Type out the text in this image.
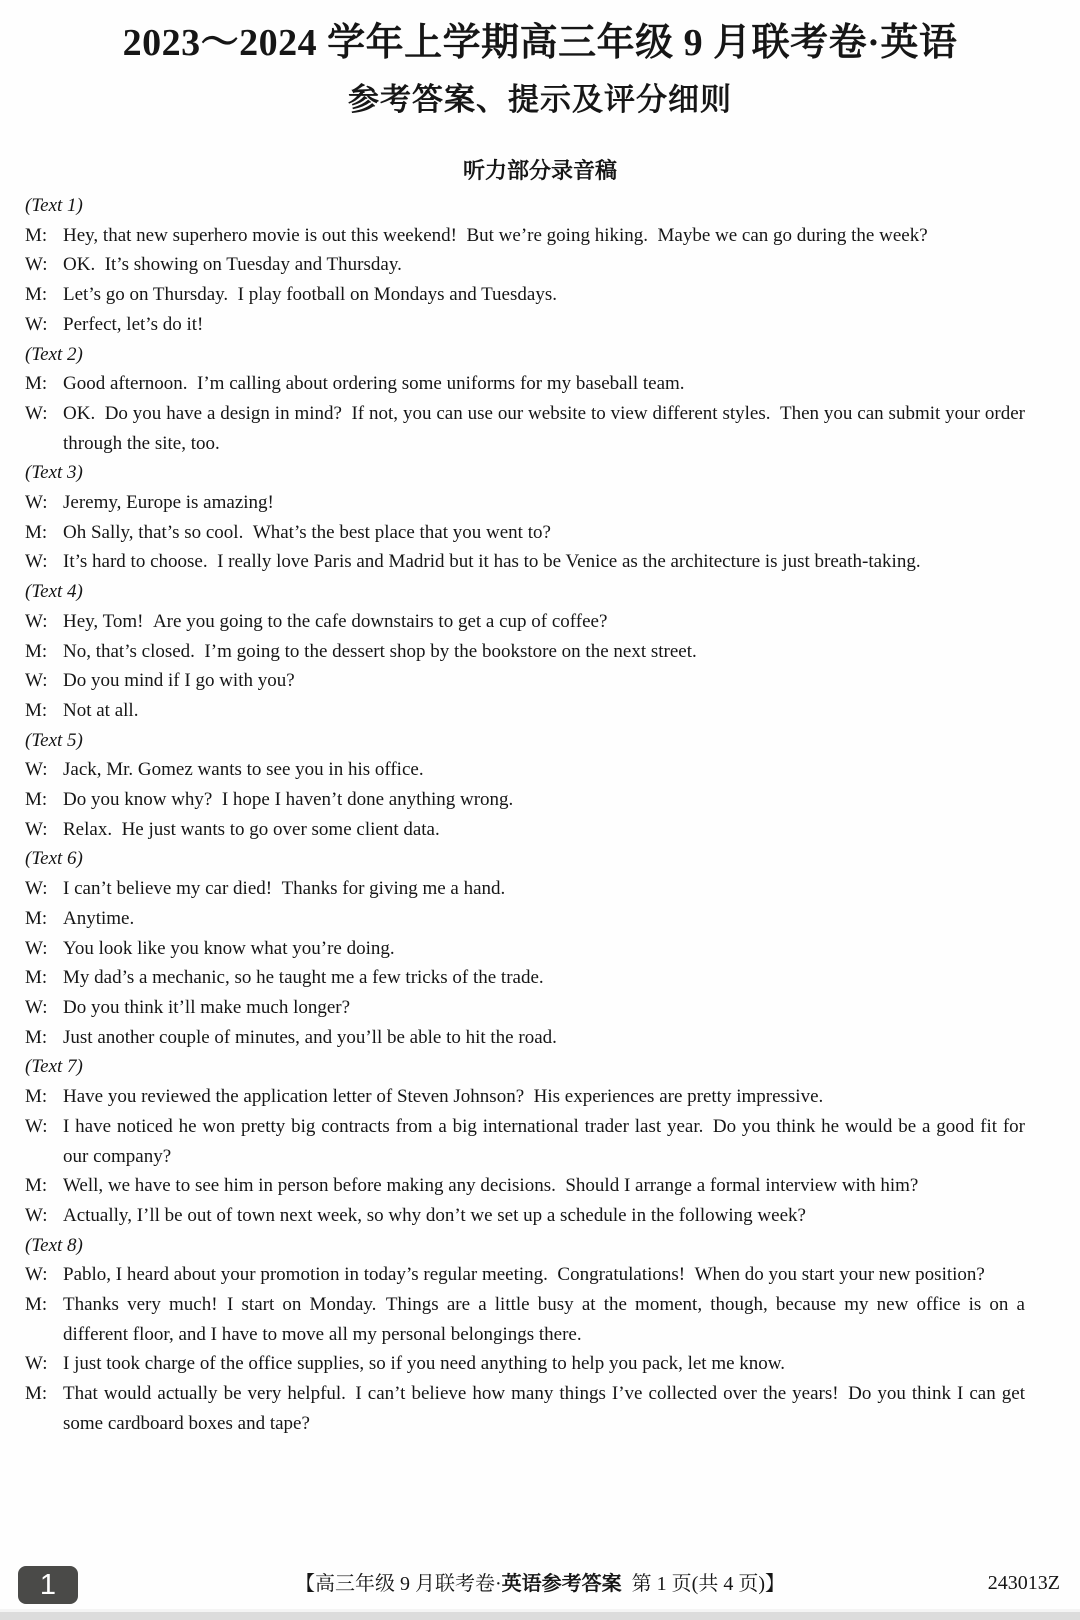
2023～2024 学年上学期高三年级 9 月联考卷·英语
参考答案、提示及评分细则
听力部分录音稿
(Text 1)
M: Hey, that new superhero movie is out this weekend! But we’re going hiking. Maybe we can go during the week?
W: OK. It’s showing on Tuesday and Thursday.
M: Let’s go on Thursday. I play football on Mondays and Tuesdays.
W: Perfect, let’s do it!
(Text 2)
M: Good afternoon. I’m calling about ordering some uniforms for my baseball team.
W: OK. Do you have a design in mind? If not, you can use our website to view different styles. Then you can submit your order through the site, too.
(Text 3)
W: Jeremy, Europe is amazing!
M: Oh Sally, that’s so cool. What’s the best place that you went to?
W: It’s hard to choose. I really love Paris and Madrid but it has to be Venice as the architecture is just breath-taking.
(Text 4)
W: Hey, Tom! Are you going to the cafe downstairs to get a cup of coffee?
M: No, that’s closed. I’m going to the dessert shop by the bookstore on the next street.
W: Do you mind if I go with you?
M: Not at all.
(Text 5)
W: Jack, Mr. Gomez wants to see you in his office.
M: Do you know why? I hope I haven’t done anything wrong.
W: Relax. He just wants to go over some client data.
(Text 6)
W: I can’t believe my car died! Thanks for giving me a hand.
M: Anytime.
W: You look like you know what you’re doing.
M: My dad’s a mechanic, so he taught me a few tricks of the trade.
W: Do you think it’ll make much longer?
M: Just another couple of minutes, and you’ll be able to hit the road.
(Text 7)
M: Have you reviewed the application letter of Steven Johnson? His experiences are pretty impressive.
W: I have noticed he won pretty big contracts from a big international trader last year. Do you think he would be a good fit for our company?
M: Well, we have to see him in person before making any decisions. Should I arrange a formal interview with him?
W: Actually, I’ll be out of town next week, so why don’t we set up a schedule in the following week?
(Text 8)
W: Pablo, I heard about your promotion in today’s regular meeting. Congratulations! When do you start your new position?
M: Thanks very much! I start on Monday. Things are a little busy at the moment, though, because my new office is on a different floor, and I have to move all my personal belongings there.
W: I just took charge of the office supplies, so if you need anything to help you pack, let me know.
M: That would actually be very helpful. I can’t believe how many things I’ve collected over the years! Do you think I can get some cardboard boxes and tape?
1	【高三年级 9 月联考卷·英语参考答案  第 1 页(共 4 页)】	243013Z
